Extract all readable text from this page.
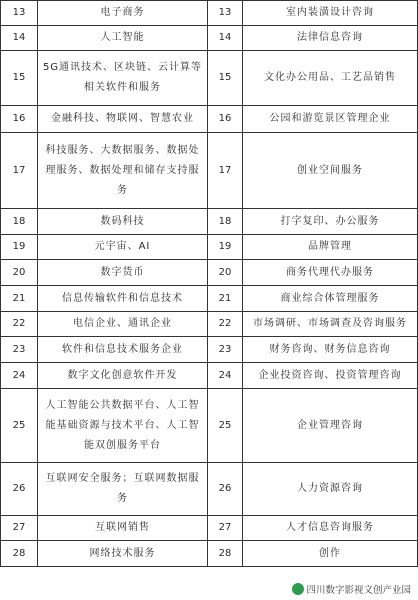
13	电子商务	13	室内装潢设计咨询
14	人工智能	14	法律信息咨询
15	5G通讯技术、区块链、云计算等相关软件和服务	15	文化办公用品、工艺品销售
16	金融科技、物联网、智慧农业	16	公园和游览景区管理企业
17	科技服务、大数据服务、数据处理服务、数据处理和储存支持服务	17	创业空间服务
18	数码科技	18	打字复印、办公服务
19	元宇宙、AI	19	品牌管理
20	数字货币	20	商务代理代办服务
21	信息传输软件和信息技术	21	商业综合体管理服务
22	电信企业、通讯企业	22	市场调研、市场调查及咨询服务
23	软件和信息技术服务企业	23	财务咨询、财务信息咨询
24	数字文化创意软件开发	24	企业投资咨询、投资管理咨询
25	人工智能公共数据平台、人工智能基础资源与技术平台、人工智能双创服务平台	25	企业管理咨询
26	互联网安全服务；互联网数据服务	26	人力资源咨询
27	互联网销售	27	人才信息咨询服务
28	网络技术服务	28	创作
四川数字影视文创产业园
